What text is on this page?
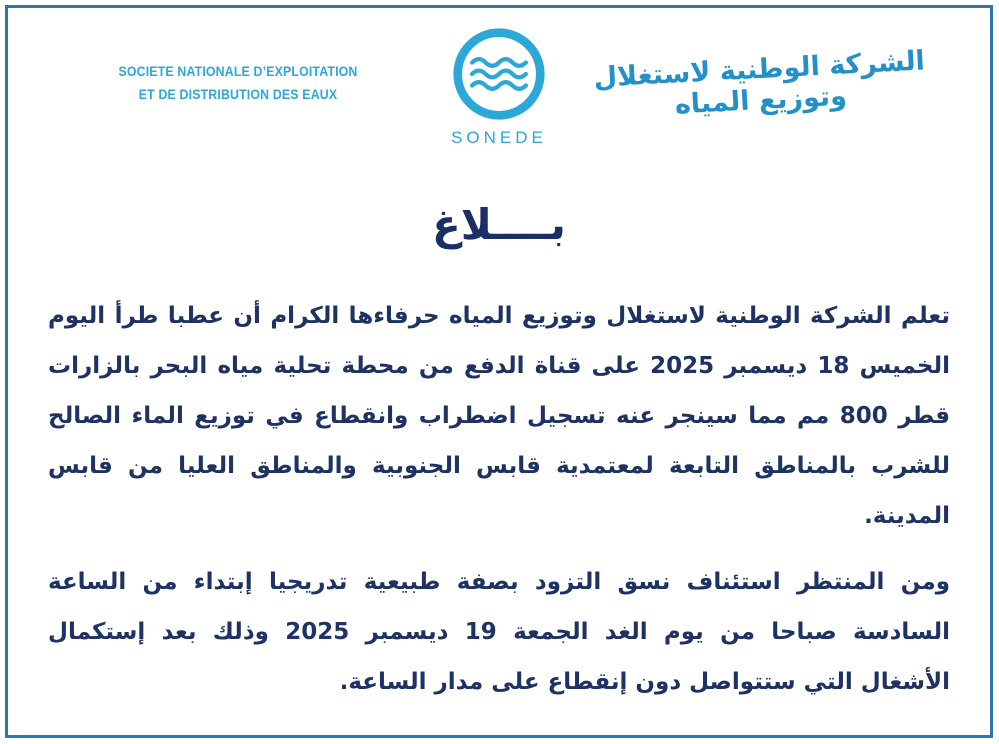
SOCIETE NATIONALE D’EXPLOITATION
ET DE DISTRIBUTION DES EAUX
SONEDE
الشركة الوطنية لاستغلال وتوزيع المياه
بــــلاغ

تعلم الشركة الوطنية لاستغلال وتوزيع المياه حرفاءها الكرام أن عطبا طرأ اليوم الخميس 18 ديسمبر 2025 على قناة الدفع من محطة تحلية مياه البحر بالزارات قطر 800 مم مما سينجر عنه تسجيل اضطراب وانقطاع في توزيع الماء الصالح للشرب بالمناطق التابعة لمعتمدية قابس الجنوبية والمناطق العليا من قابس المدينة.

ومن المنتظر استئناف نسق التزود بصفة طبيعية تدريجيا إبتداء من الساعة السادسة صباحا من يوم الغد الجمعة 19 ديسمبر 2025 وذلك بعد إستكمال الأشغال التي ستتواصل دون إنقطاع على مدار الساعة.
